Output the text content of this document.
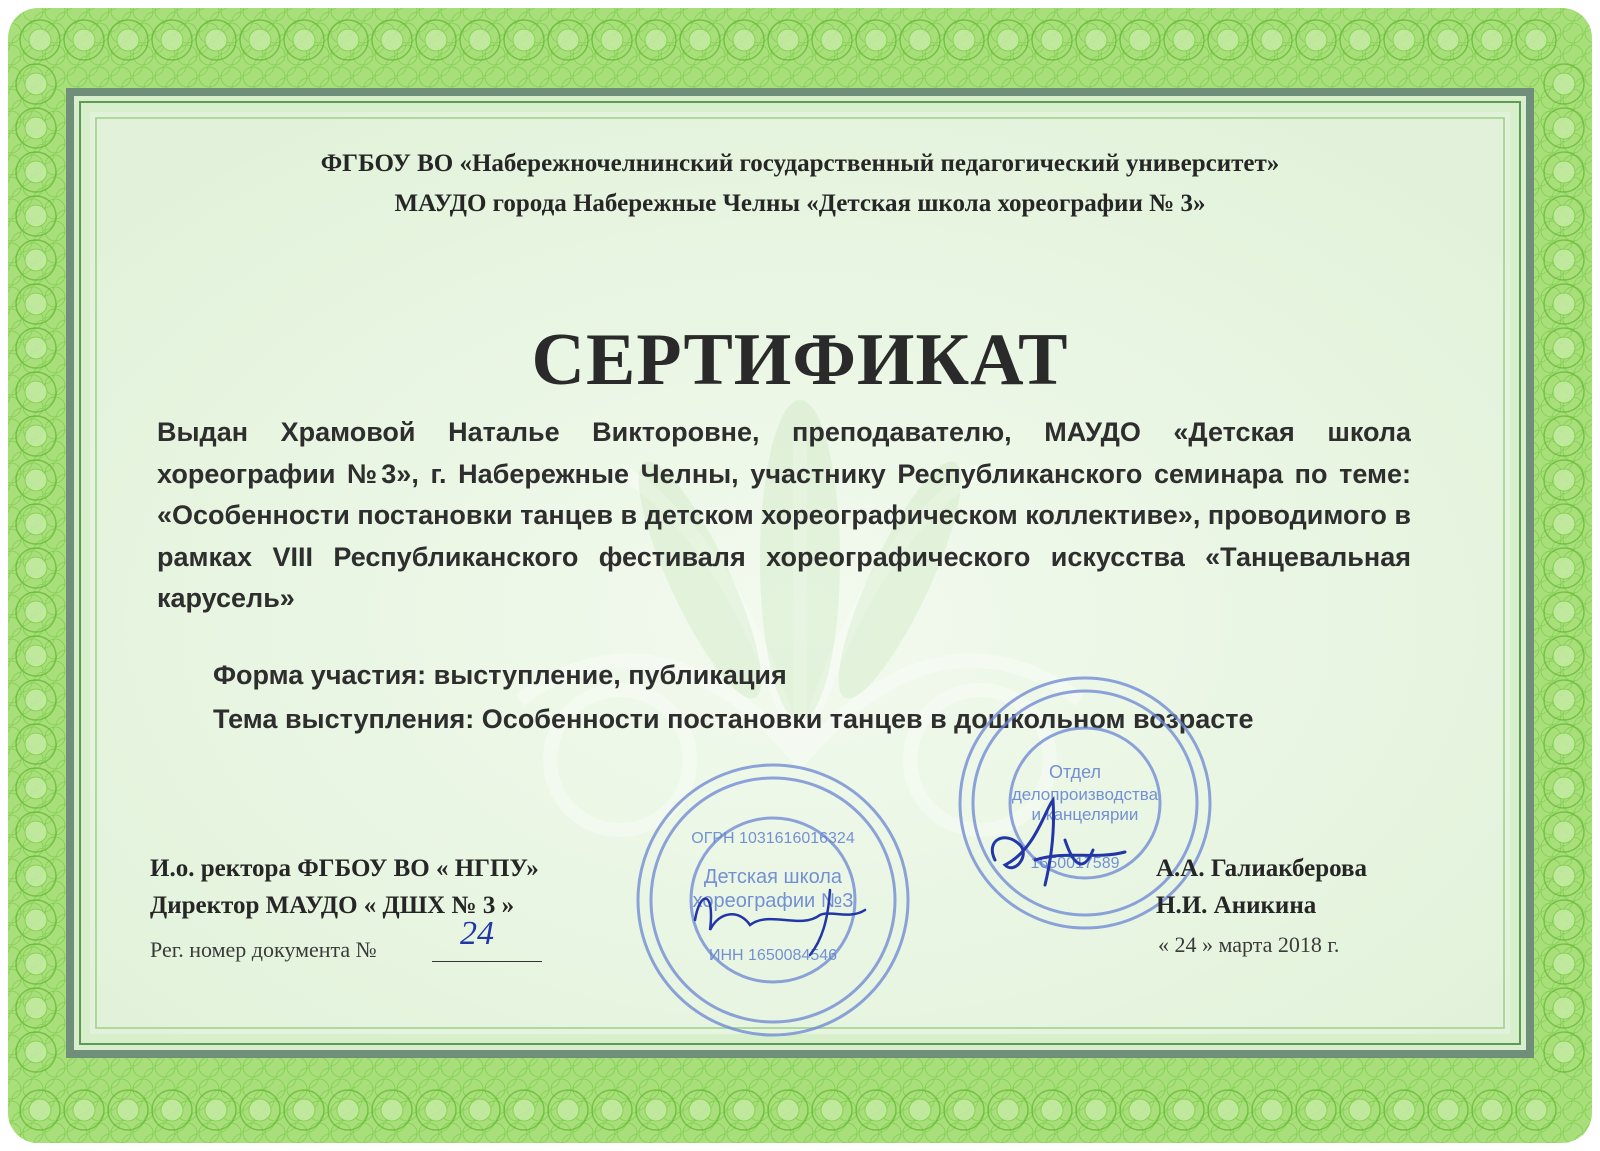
ФГБОУ ВО «Набережночелнинский государственный педагогический университет»
МАУДО города Набережные Челны «Детская школа хореографии № 3»
СЕРТИФИКАТ
Выдан Храмовой Наталье Викторовне, преподавателю, МАУДО «Детская школа
хореографии №3», г. Набережные Челны, участнику Республиканского семинара по теме:
«Особенности постановки танцев в детском хореографическом коллективе», проводимого в
рамках VIII Республиканского фестиваля хореографического искусства «Танцевальная
карусель»
Форма участия: выступление, публикация
Тема выступления: Особенности постановки танцев в дошкольном возрасте
Детская школа
хореографии №3
ИНН 1650084546
ОГРН 1031616016324
Отдел
делопроизводства
и канцелярии
1650017589
И.о. ректора ФГБОУ ВО « НГПУ»
Директор МАУДО « ДШХ № 3 »
А.А. Галиакберова
Н.И. Аникина
Рег. номер документа № 24	« 24 » марта 2018 г.
